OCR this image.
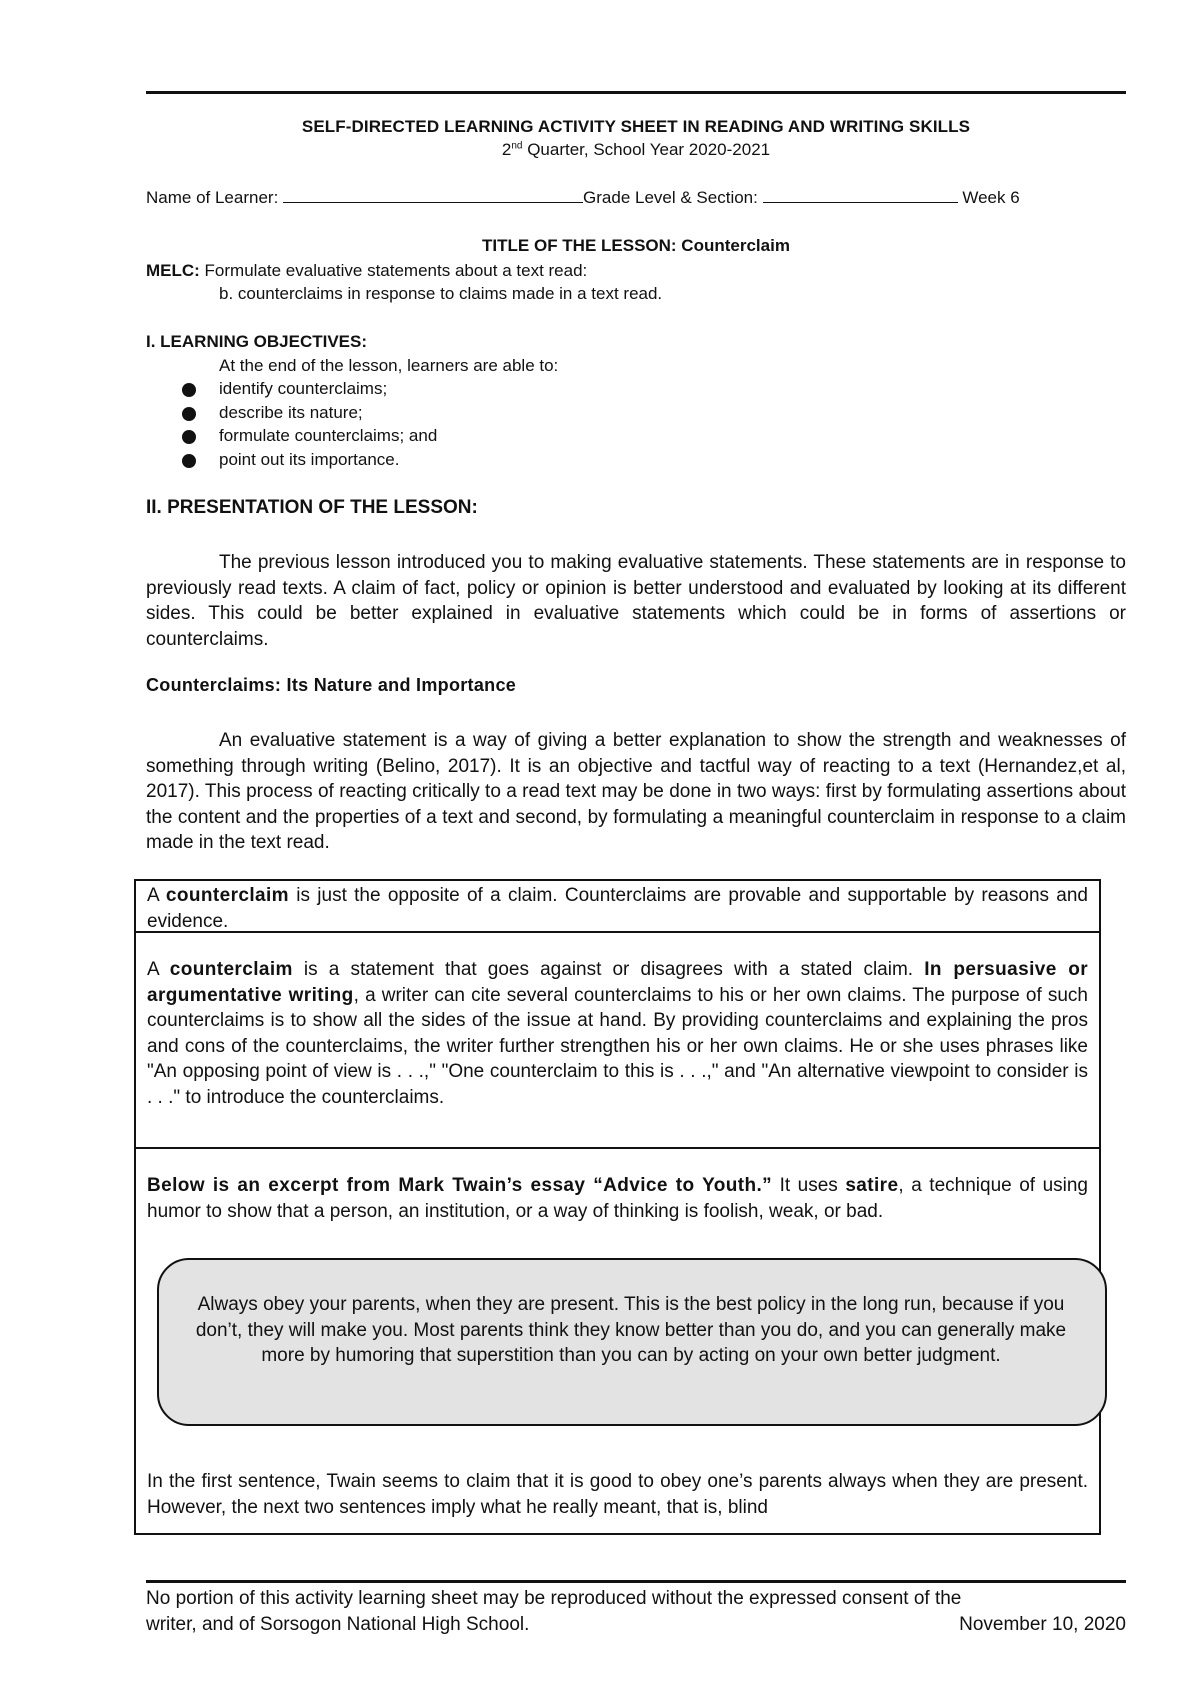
SELF-DIRECTED LEARNING ACTIVITY SHEET IN READING AND WRITING SKILLS
2nd Quarter, School Year 2020-2021
Name of Learner:	Grade Level & Section:	Week 6
TITLE OF THE LESSON: Counterclaim
MELC: Formulate evaluative statements about a text read:
b. counterclaims in response to claims made in a text read.
I. LEARNING OBJECTIVES:
At the end of the lesson, learners are able to:
identify counterclaims;
describe its nature;
formulate counterclaims; and
point out its importance.
II. PRESENTATION OF THE LESSON:
The previous lesson introduced you to making evaluative statements. These statements are in response to previously read texts. A claim of fact, policy or opinion is better understood and evaluated by looking at its different sides. This could be better explained in evaluative statements which could be in forms of assertions or counterclaims.
Counterclaims: Its Nature and Importance
An evaluative statement is a way of giving a better explanation to show the strength and weaknesses of something through writing (Belino, 2017). It is an objective and tactful way of reacting to a text (Hernandez,et al, 2017). This process of reacting critically to a read text may be done in two ways: first by formulating assertions about the content and the properties of a text and second, by formulating a meaningful counterclaim in response to a claim made in the text read.
A counterclaim is just the opposite of a claim. Counterclaims are provable and supportable by reasons and evidence.
A counterclaim is a statement that goes against or disagrees with a stated claim. In persuasive or argumentative writing, a writer can cite several counterclaims to his or her own claims. The purpose of such counterclaims is to show all the sides of the issue at hand. By providing counterclaims and explaining the pros and cons of the counterclaims, the writer further strengthen his or her own claims. He or she uses phrases like "An opposing point of view is . . .," "One counterclaim to this is . . .," and "An alternative viewpoint to consider is . . ." to introduce the counterclaims.
Below is an excerpt from Mark Twain’s essay “Advice to Youth.” It uses satire, a technique of using humor to show that a person, an institution, or a way of thinking is foolish, weak, or bad.
In the first sentence, Twain seems to claim that it is good to obey one’s parents always when they are present. However, the next two sentences imply what he really meant, that is, blind
Always obey your parents, when they are present. This is the best policy in the long run, because if you don’t, they will make you. Most parents think they know better than you do, and you can generally make more by humoring that superstition than you can by acting on your own better judgment.
No portion of this activity learning sheet may be reproduced without the expressed consent of the
writer, and of Sorsogon National High School.	November 10, 2020
